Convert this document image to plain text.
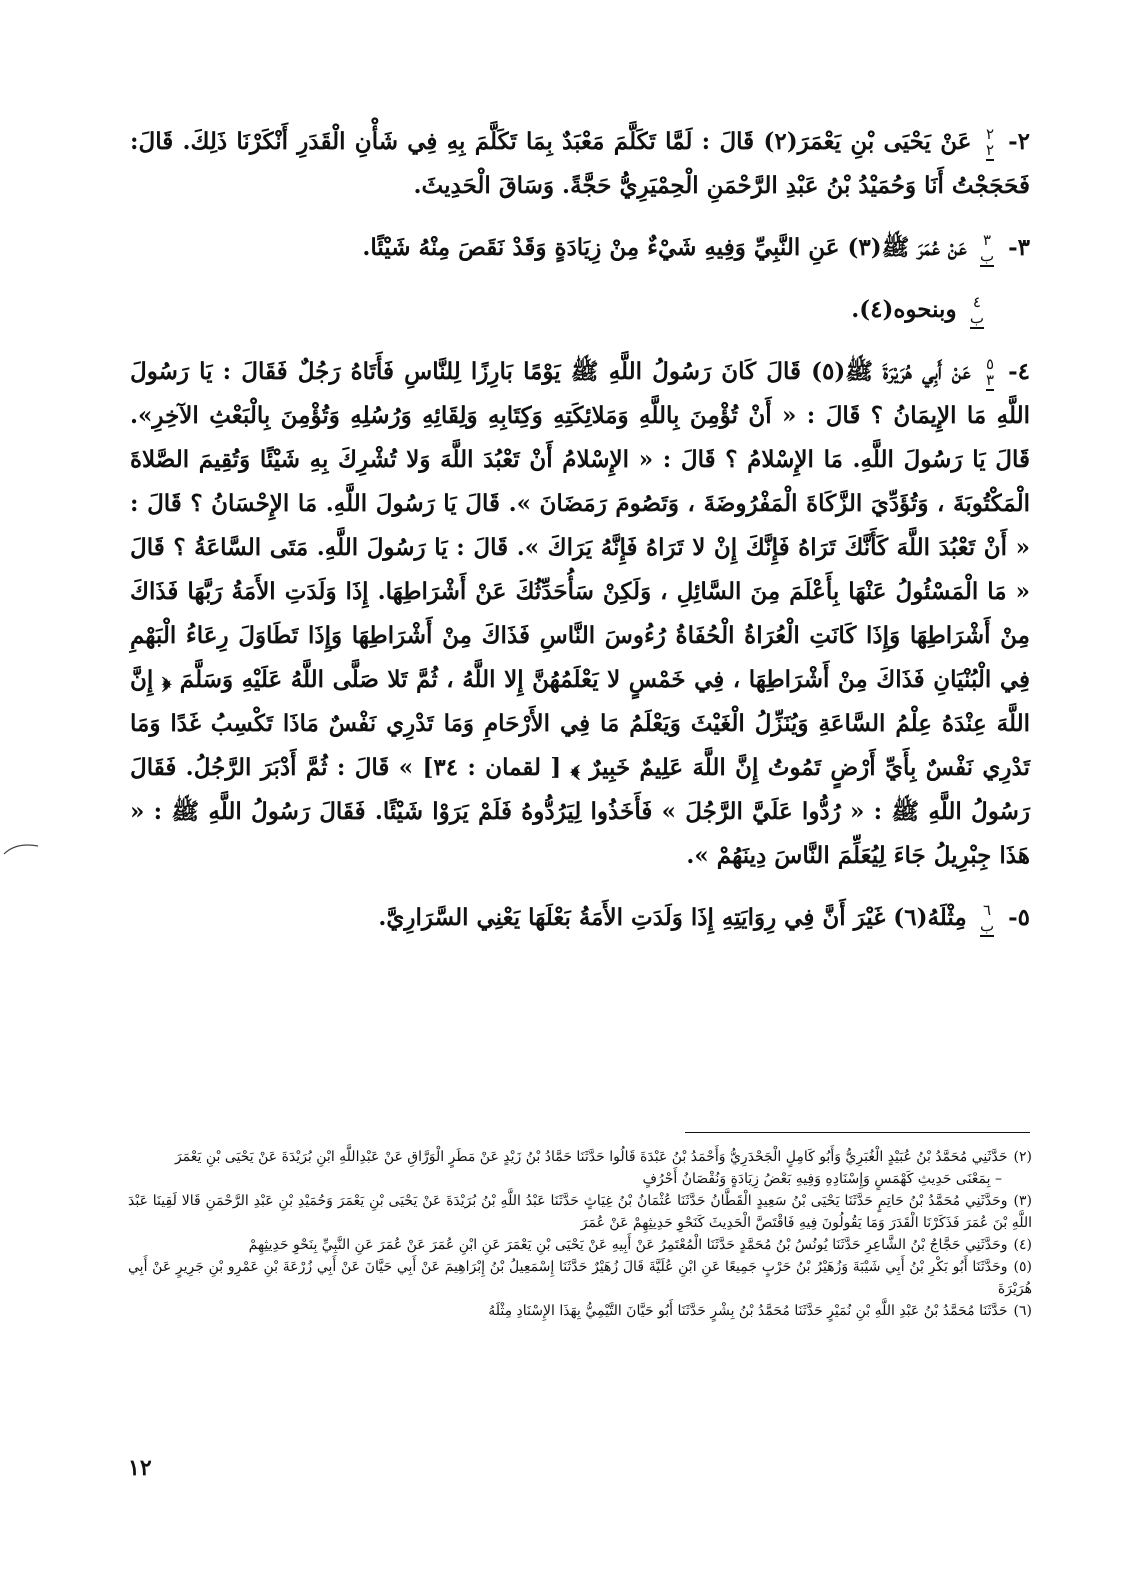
٢-٢
٢ عَنْ يَحْيَى بْنِ يَعْمَرَ(٢) قَالَ : لَمَّا تَكَلَّمَ مَعْبَدٌ بِمَا تَكَلَّمَ بِهِ فِي شَأْنِ الْقَدَرِ أَنْكَرْنَا ذَلِكَ. قَالَ: فَحَجَجْتُ أَنَا وَحُمَيْدُ بْنُ عَبْدِ الرَّحْمَنِ الْحِمْيَرِيُّ حَجَّةً. وَسَاقَ الْحَدِيثَ.

٣-٣
ب عَنْ عُمَرَ ﷺ(٣) عَنِ النَّبِيِّ وَفِيهِ شَيْءٌ مِنْ زِيَادَةٍ وَقَدْ نَقَصَ مِنْهُ شَيْئًا.

٤
ب وبنحوه(٤).

٤-٥
٣ عَنْ أَبِي هُرَيْرَةَ ﷺ(٥) قَالَ كَانَ رَسُولُ اللَّهِ ﷺ يَوْمًا بَارِزًا لِلنَّاسِ فَأَتَاهُ رَجُلٌ فَقَالَ : يَا رَسُولَ اللَّهِ مَا الإِيمَانُ ؟ قَالَ : « أَنْ تُؤْمِنَ بِاللَّهِ وَمَلائِكَتِهِ وَكِتَابِهِ وَلِقَائِهِ وَرُسُلِهِ وَتُؤْمِنَ بِالْبَعْثِ الآخِرِ». قَالَ يَا رَسُولَ اللَّهِ. مَا الإِسْلامُ ؟ قَالَ : « الإِسْلامُ أَنْ تَعْبُدَ اللَّهَ وَلا تُشْرِكَ بِهِ شَيْئًا وَتُقِيمَ الصَّلاةَ الْمَكْتُوبَةَ ، وَتُؤَدِّيَ الزَّكَاةَ الْمَفْرُوضَةَ ، وَتَصُومَ رَمَضَانَ ». قَالَ يَا رَسُولَ اللَّهِ. مَا الإِحْسَانُ ؟ قَالَ : « أَنْ تَعْبُدَ اللَّهَ كَأَنَّكَ تَرَاهُ فَإِنَّكَ إِنْ لا تَرَاهُ فَإِنَّهُ يَرَاكَ ». قَالَ : يَا رَسُولَ اللَّهِ. مَتَى السَّاعَةُ ؟ قَالَ « مَا الْمَسْئُولُ عَنْهَا بِأَعْلَمَ مِنَ السَّائِلِ ، وَلَكِنْ سَأُحَدِّثُكَ عَنْ أَشْرَاطِهَا. إِذَا وَلَدَتِ الأَمَةُ رَبَّهَا فَذَاكَ مِنْ أَشْرَاطِهَا وَإِذَا كَانَتِ الْعُرَاةُ الْحُفَاةُ رُءُوسَ النَّاسِ فَذَاكَ مِنْ أَشْرَاطِهَا وَإِذَا تَطَاوَلَ رِعَاءُ الْبَهْمِ فِي الْبُنْيَانِ فَذَاكَ مِنْ أَشْرَاطِهَا ، فِي خَمْسٍ لا يَعْلَمُهُنَّ إِلا اللَّهُ ، ثُمَّ تَلا صَلَّى اللَّهُ عَلَيْهِ وَسَلَّمَ ﴿ إِنَّ اللَّهَ عِنْدَهُ عِلْمُ السَّاعَةِ وَيُنَزِّلُ الْغَيْثَ وَيَعْلَمُ مَا فِي الأَرْحَامِ وَمَا تَدْرِي نَفْسٌ مَاذَا تَكْسِبُ غَدًا وَمَا تَدْرِي نَفْسٌ بِأَيِّ أَرْضٍ تَمُوتُ إِنَّ اللَّهَ عَلِيمٌ خَبِيرٌ ﴾ [ لقمان : ٣٤] » قَالَ : ثُمَّ أَدْبَرَ الرَّجُلُ. فَقَالَ رَسُولُ اللَّهِ ﷺ : « رُدُّوا عَلَيَّ الرَّجُلَ » فَأَخَذُوا لِيَرُدُّوهُ فَلَمْ يَرَوْا شَيْئًا. فَقَالَ رَسُولُ اللَّهِ ﷺ : « هَذَا جِبْرِيلُ جَاءَ لِيُعَلِّمَ النَّاسَ دِينَهُمْ ».

٥-٦
ب مِثْلَهُ(٦) غَيْرَ أَنَّ فِي رِوَايَتِهِ إِذَا وَلَدَتِ الأَمَةُ بَعْلَهَا يَعْنِي السَّرَارِيَّ.

(٢)حَدَّثَنِي مُحَمَّدُ بْنُ عُبَيْدٍ الْغُبَرِيُّ وَأَبُو كَامِلٍ الْجَحْدَرِيُّ وَأَحْمَدُ بْنُ عَبْدَةَ قَالُوا حَدَّثَنَا حَمَّادُ بْنُ زَيْدٍ عَنْ مَطَرٍ الْوَرَّاقِ عَنْ عَبْدِاللَّهِ ابْنِ بُرَيْدَةَ عَنْ يَحْيَى بْنِ يَعْمَرَ

– بِمَعْنَى حَدِيثِ كَهْمَسٍ وَإِسْنَادِهِ وَفِيهِ بَعْضُ زِيَادَةٍ وَنُقْصَانُ أَحْرُفٍ

(٣)وحَدَّثَنِي مُحَمَّدُ بْنُ حَاتِمٍ حَدَّثَنَا يَحْيَى بْنُ سَعِيدٍ الْقَطَّانُ حَدَّثَنَا عُثْمَانُ بْنُ غِيَاثٍ حَدَّثَنَا عَبْدُ اللَّهِ بْنُ بُرَيْدَةَ عَنْ يَحْيَى بْنِ يَعْمَرَ وَحُمَيْدِ بْنِ عَبْدِ الرَّحْمَنِ قَالا لَقِينَا عَبْدَ اللَّهِ بْنَ عُمَرَ فَذَكَرْنَا الْقَدَرَ وَمَا يَقُولُونَ فِيهِ فَاقْتَصَّ الْحَدِيثَ كَنَحْوِ حَدِيثِهِمْ عَنْ عُمَرَ

(٤)وحَدَّثَنِي حَجَّاجُ بْنُ الشَّاعِرِ حَدَّثَنَا يُونُسُ بْنُ مُحَمَّدٍ حَدَّثَنَا الْمُعْتَمِرُ عَنْ أَبِيهِ عَنْ يَحْيَى بْنِ يَعْمَرَ عَنِ ابْنِ عُمَرَ عَنْ عُمَرَ عَنِ النَّبِيِّ بِنَحْوِ حَدِيثِهِمْ

(٥)وحَدَّثَنَا أَبُو بَكْرِ بْنُ أَبِي شَيْبَةَ وَزُهَيْرُ بْنُ حَرْبٍ جَمِيعًا عَنِ ابْنِ عُلَيَّةَ قَالَ زُهَيْرٌ حَدَّثَنَا إِسْمَعِيلُ بْنُ إِبْرَاهِيمَ عَنْ أَبِي حَيَّانَ عَنْ أَبِي زُرْعَةَ بْنِ عَمْرِو بْنِ جَرِيرٍ عَنْ أَبِي هُرَيْرَةَ

(٦)حَدَّثَنَا مُحَمَّدُ بْنُ عَبْدِ اللَّهِ بْنِ نُمَيْرٍ حَدَّثَنَا مُحَمَّدُ بْنُ بِشْرٍ حَدَّثَنَا أَبُو حَيَّانَ التَّيْمِيُّ بِهَذَا الإِسْنَادِ مِثْلَهُ

١٢
